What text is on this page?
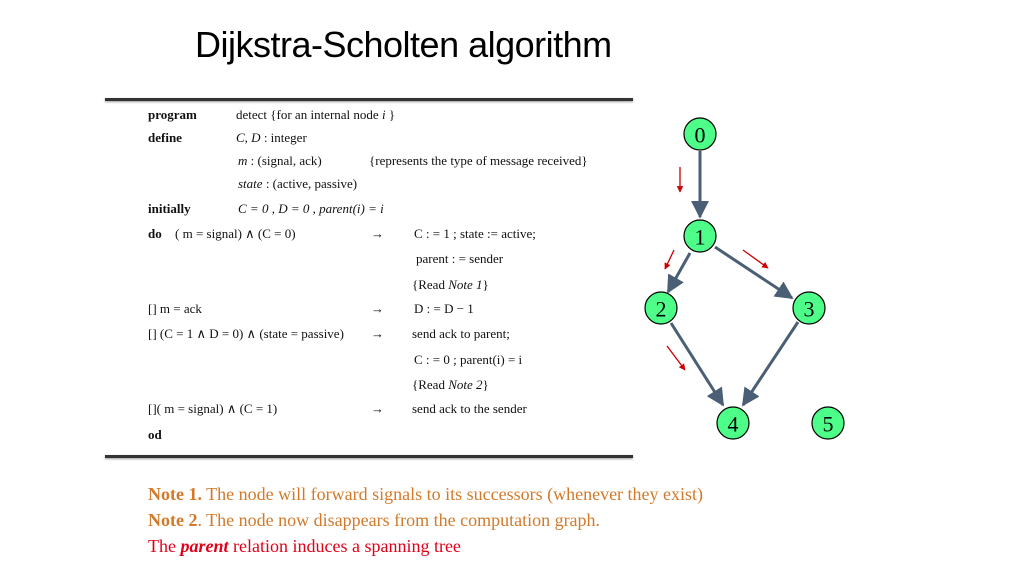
Dijkstra-Scholten algorithm
program	detect {for an internal node i }
define	C, D : integer
m : (signal, ack)	{represents the type of message received}
state : (active, passive)
initially	C = 0 , D = 0 , parent(i) = i
do ( m = signal) ∧ (C = 0)	→ C : = 1 ; state := active;
parent : = sender
{Read Note 1}
[] m = ack	→ D : = D − 1
[] (C = 1 ∧ D = 0) ∧ (state = passive) → send ack to parent;
C : = 0 ; parent(i) = i
{Read Note 2}
[]( m = signal) ∧ (C = 1)	→ send ack to the sender
od
0
1
2	3
4	5
Note 1. The node will forward signals to its successors (whenever they exist)
Note 2. The node now disappears from the computation graph.
The parent relation induces a spanning tree
